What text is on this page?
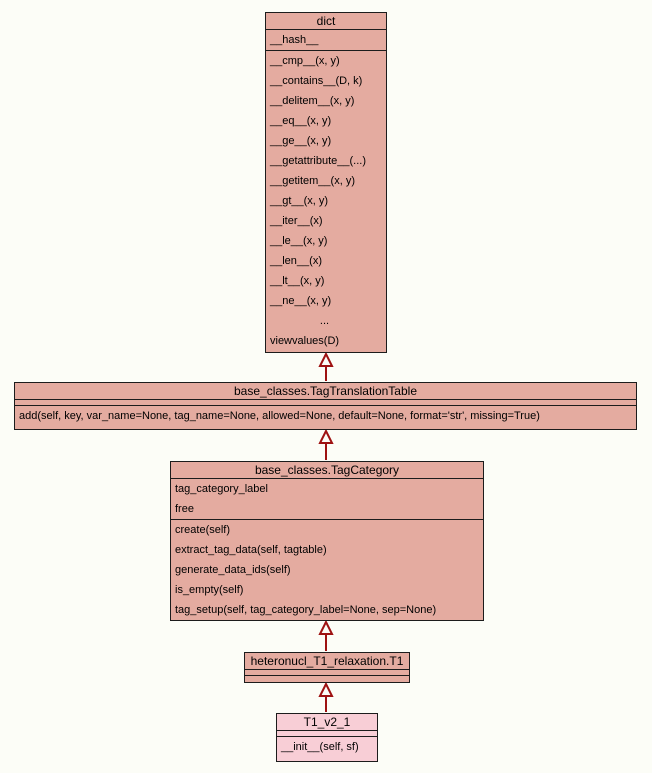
dict
__hash__
__cmp__(x, y)
__contains__(D, k)
__delitem__(x, y)
__eq__(x, y)
__ge__(x, y)
__getattribute__(...)
__getitem__(x, y)
__gt__(x, y)
__iter__(x)
__le__(x, y)
__len__(x)
__lt__(x, y)
__ne__(x, y)
...
viewvalues(D)
base_classes.TagTranslationTable
add(self, key, var_name=None, tag_name=None, allowed=None, default=None, format='str', missing=True)
base_classes.TagCategory
tag_category_label
free
create(self)
extract_tag_data(self, tagtable)
generate_data_ids(self)
is_empty(self)
tag_setup(self, tag_category_label=None, sep=None)
heteronucl_T1_relaxation.T1
T1_v2_1
__init__(self, sf)
